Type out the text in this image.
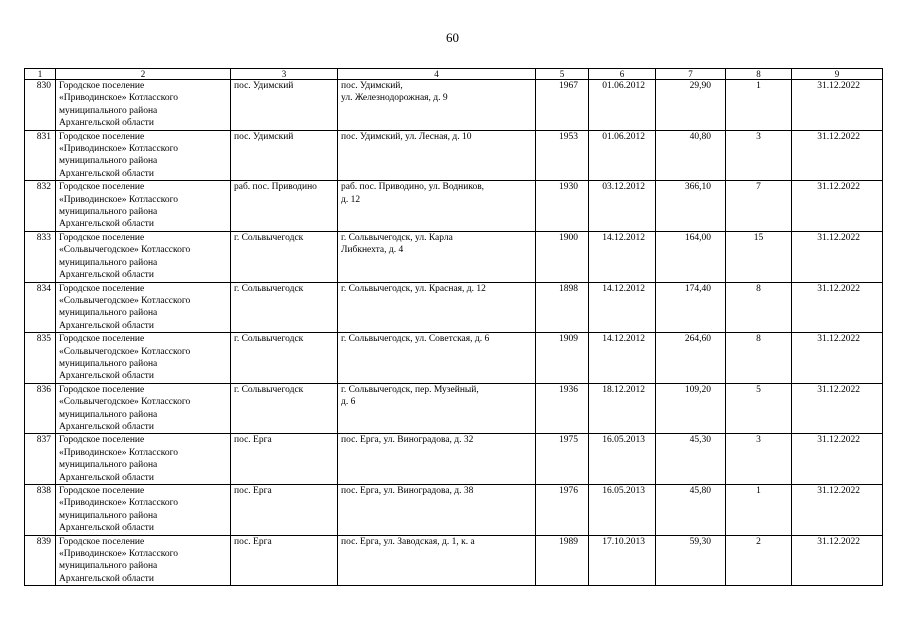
60
1	2	3	4	5	6	7	8	9
830	Городское поселение
«Приводинское» Котласского
муниципального района
Архангельской области	пос. Удимский	пос. Удимский,
ул. Железнодорожная, д. 9	1967	01.06.2012	29,90	1	31.12.2022
831	Городское поселение
«Приводинское» Котласского
муниципального района
Архангельской области	пос. Удимский	пос. Удимский, ул. Лесная, д. 10	1953	01.06.2012	40,80	3	31.12.2022
832	Городское поселение
«Приводинское» Котласского
муниципального района
Архангельской области	раб. пос. Приводино	раб. пос. Приводино, ул. Водников,
д. 12	1930	03.12.2012	366,10	7	31.12.2022
833	Городское поселение
«Сольвычегодское» Котласского
муниципального района
Архангельской области	г. Сольвычегодск	г. Сольвычегодск, ул. Карла
Либкнехта, д. 4	1900	14.12.2012	164,00	15	31.12.2022
834	Городское поселение
«Сольвычегодское» Котласского
муниципального района
Архангельской области	г. Сольвычегодск	г. Сольвычегодск, ул. Красная, д. 12	1898	14.12.2012	174,40	8	31.12.2022
835	Городское поселение
«Сольвычегодское» Котласского
муниципального района
Архангельской области	г. Сольвычегодск	г. Сольвычегодск, ул. Советская, д. 6	1909	14.12.2012	264,60	8	31.12.2022
836	Городское поселение
«Сольвычегодское» Котласского
муниципального района
Архангельской области	г. Сольвычегодск	г. Сольвычегодск, пер. Музейный,
д. 6	1936	18.12.2012	109,20	5	31.12.2022
837	Городское поселение
«Приводинское» Котласского
муниципального района
Архангельской области	пос. Ерга	пос. Ерга, ул. Виноградова, д. 32	1975	16.05.2013	45,30	3	31.12.2022
838	Городское поселение
«Приводинское» Котласского
муниципального района
Архангельской области	пос. Ерга	пос. Ерга, ул. Виноградова, д. 38	1976	16.05.2013	45,80	1	31.12.2022
839	Городское поселение
«Приводинское» Котласского
муниципального района
Архангельской области	пос. Ерга	пос. Ерга, ул. Заводская, д. 1, к. а	1989	17.10.2013	59,30	2	31.12.2022
